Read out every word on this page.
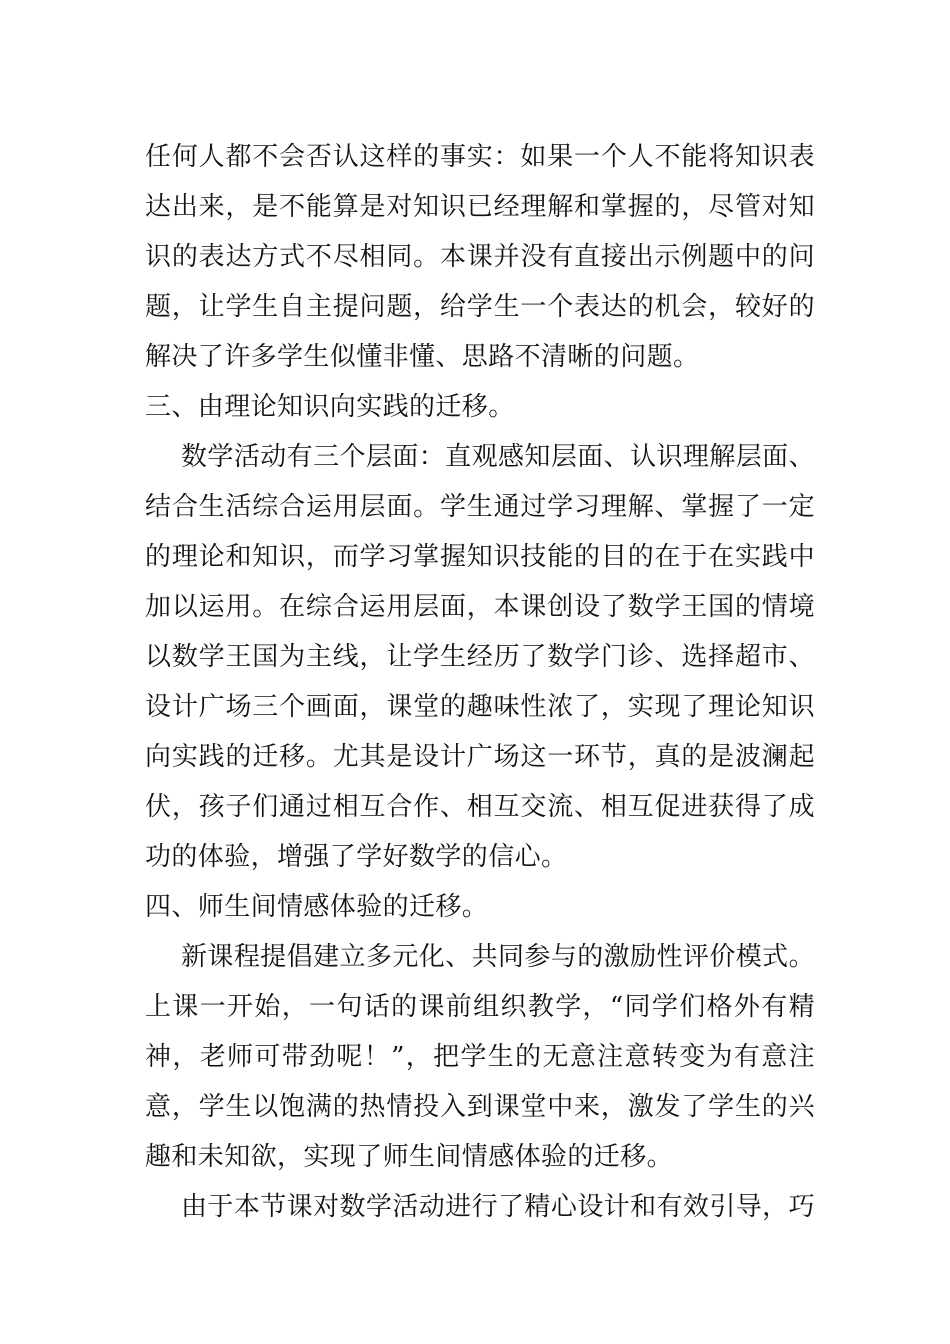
任何人都不会否认这样的事实：如果一个人不能将知识表
达出来，是不能算是对知识已经理解和掌握的，尽管对知
识的表达方式不尽相同。本课并没有直接出示例题中的问
题，让学生自主提问题，给学生一个表达的机会，较好的
解决了许多学生似懂非懂、思路不清晰的问题。
三、由理论知识向实践的迁移。
数学活动有三个层面：直观感知层面、认识理解层面、
结合生活综合运用层面。学生通过学习理解、掌握了一定
的理论和知识，而学习掌握知识技能的目的在于在实践中
加以运用。在综合运用层面，本课创设了数学王国的情境
以数学王国为主线，让学生经历了数学门诊、选择超市、
设计广场三个画面，课堂的趣味性浓了，实现了理论知识
向实践的迁移。尤其是设计广场这一环节，真的是波澜起
伏，孩子们通过相互合作、相互交流、相互促进获得了成
功的体验，增强了学好数学的信心。
四、师生间情感体验的迁移。
新课程提倡建立多元化、共同参与的激励性评价模式。
上课一开始，一句话的课前组织教学，“同学们格外有精
神，老师可带劲呢！”，把学生的无意注意转变为有意注
意，学生以饱满的热情投入到课堂中来，激发了学生的兴
趣和未知欲，实现了师生间情感体验的迁移。
由于本节课对数学活动进行了精心设计和有效引导，巧
